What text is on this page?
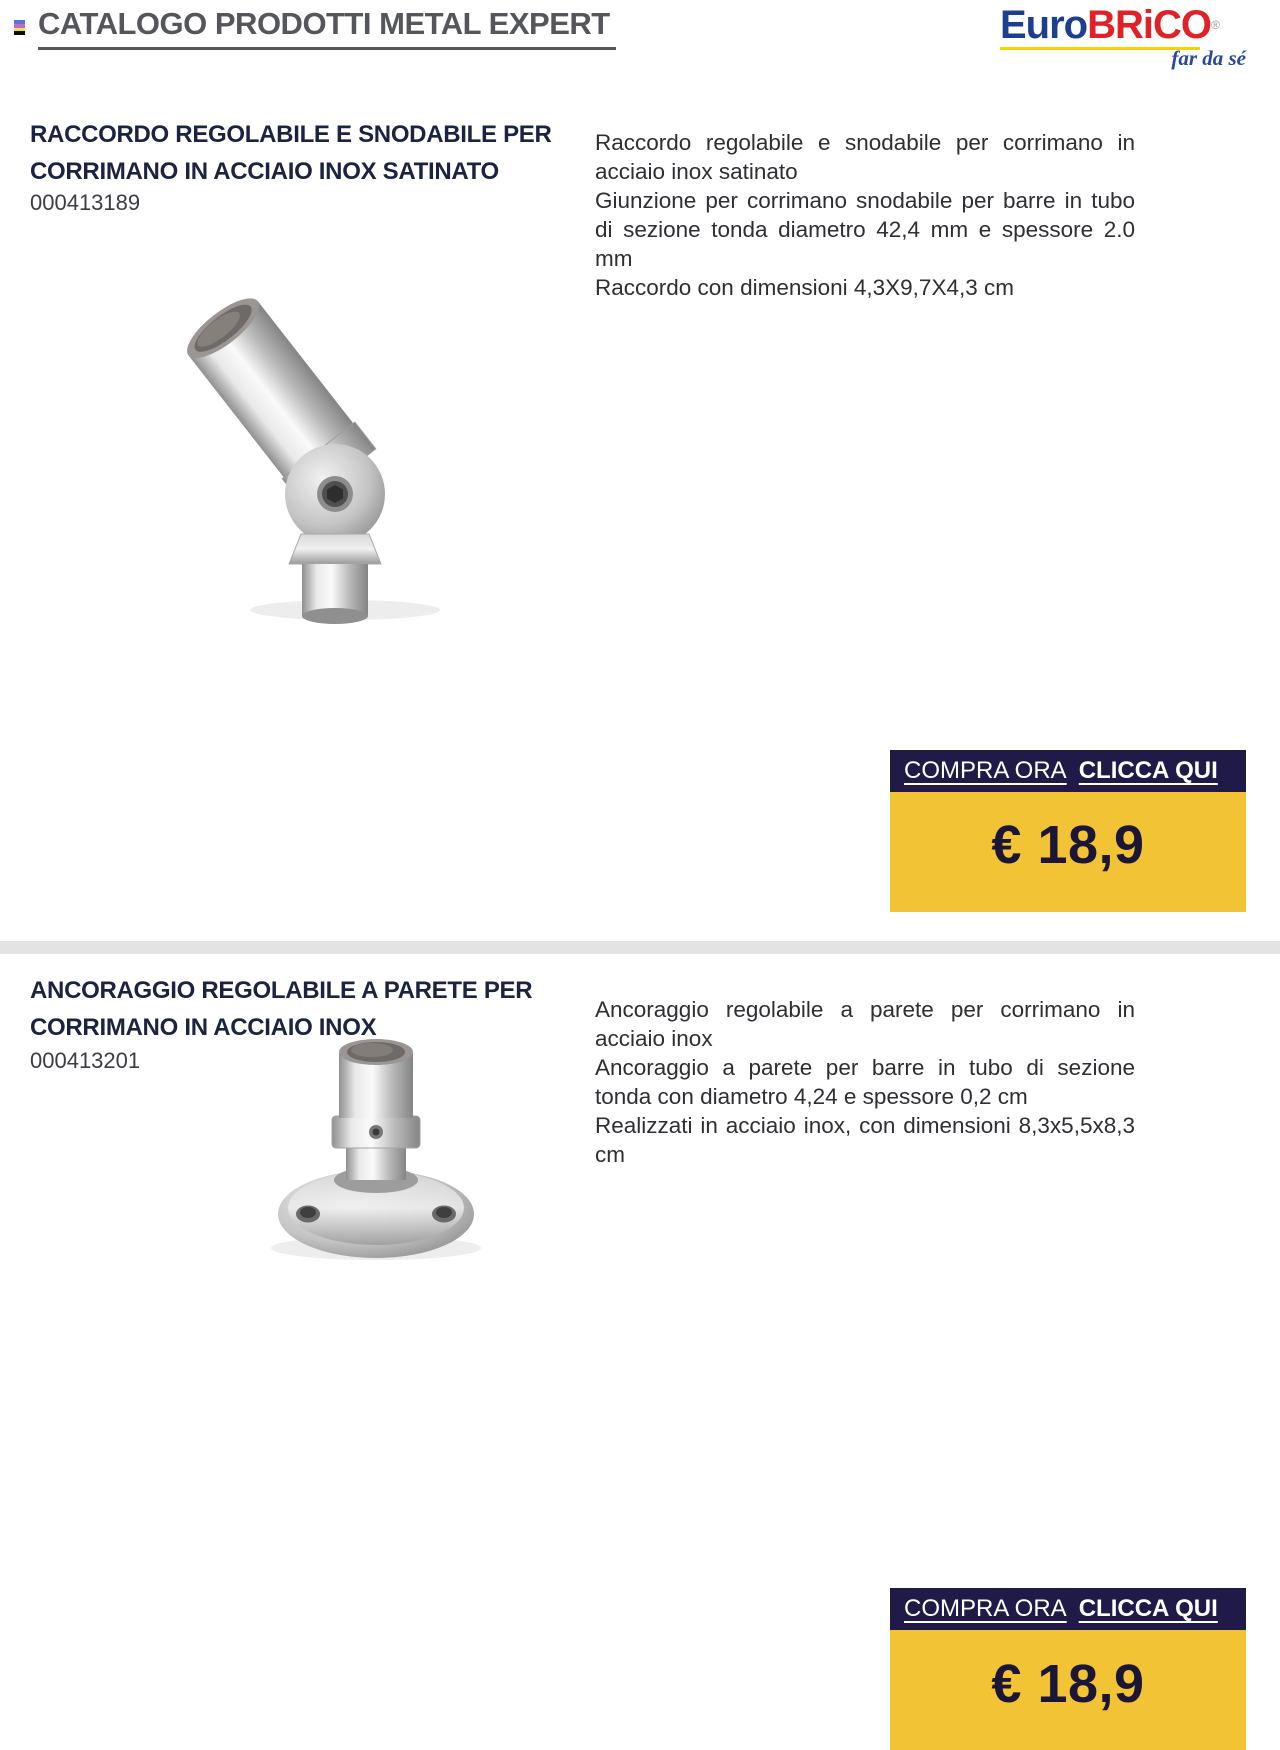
CATALOGO PRODOTTI METAL EXPERT	EuroBRiCO®
far da sé
RACCORDO REGOLABILE E SNODABILE PER CORRIMANO IN ACCIAIO INOX SATINATO
000413189

Raccordo regolabile e snodabile per corrimano in acciaio inox satinato

Giunzione per corrimano snodabile per barre in tubo di sezione tonda diametro 42,4 mm e spessore 2.0 mm

Raccordo con dimensioni 4,3X9,7X4,3 cm

COMPRA ORA CLICCA QUI
€ 18,9
ANCORAGGIO REGOLABILE A PARETE PER CORRIMANO IN ACCIAIO INOX
000413201

Ancoraggio regolabile a parete per corrimano in acciaio inox

Ancoraggio a parete per barre in tubo di sezione tonda con diametro 4,24 e spessore 0,2 cm

Realizzati in acciaio inox, con dimensioni 8,3x5,5x8,3 cm

COMPRA ORA CLICCA QUI
€ 18,9
